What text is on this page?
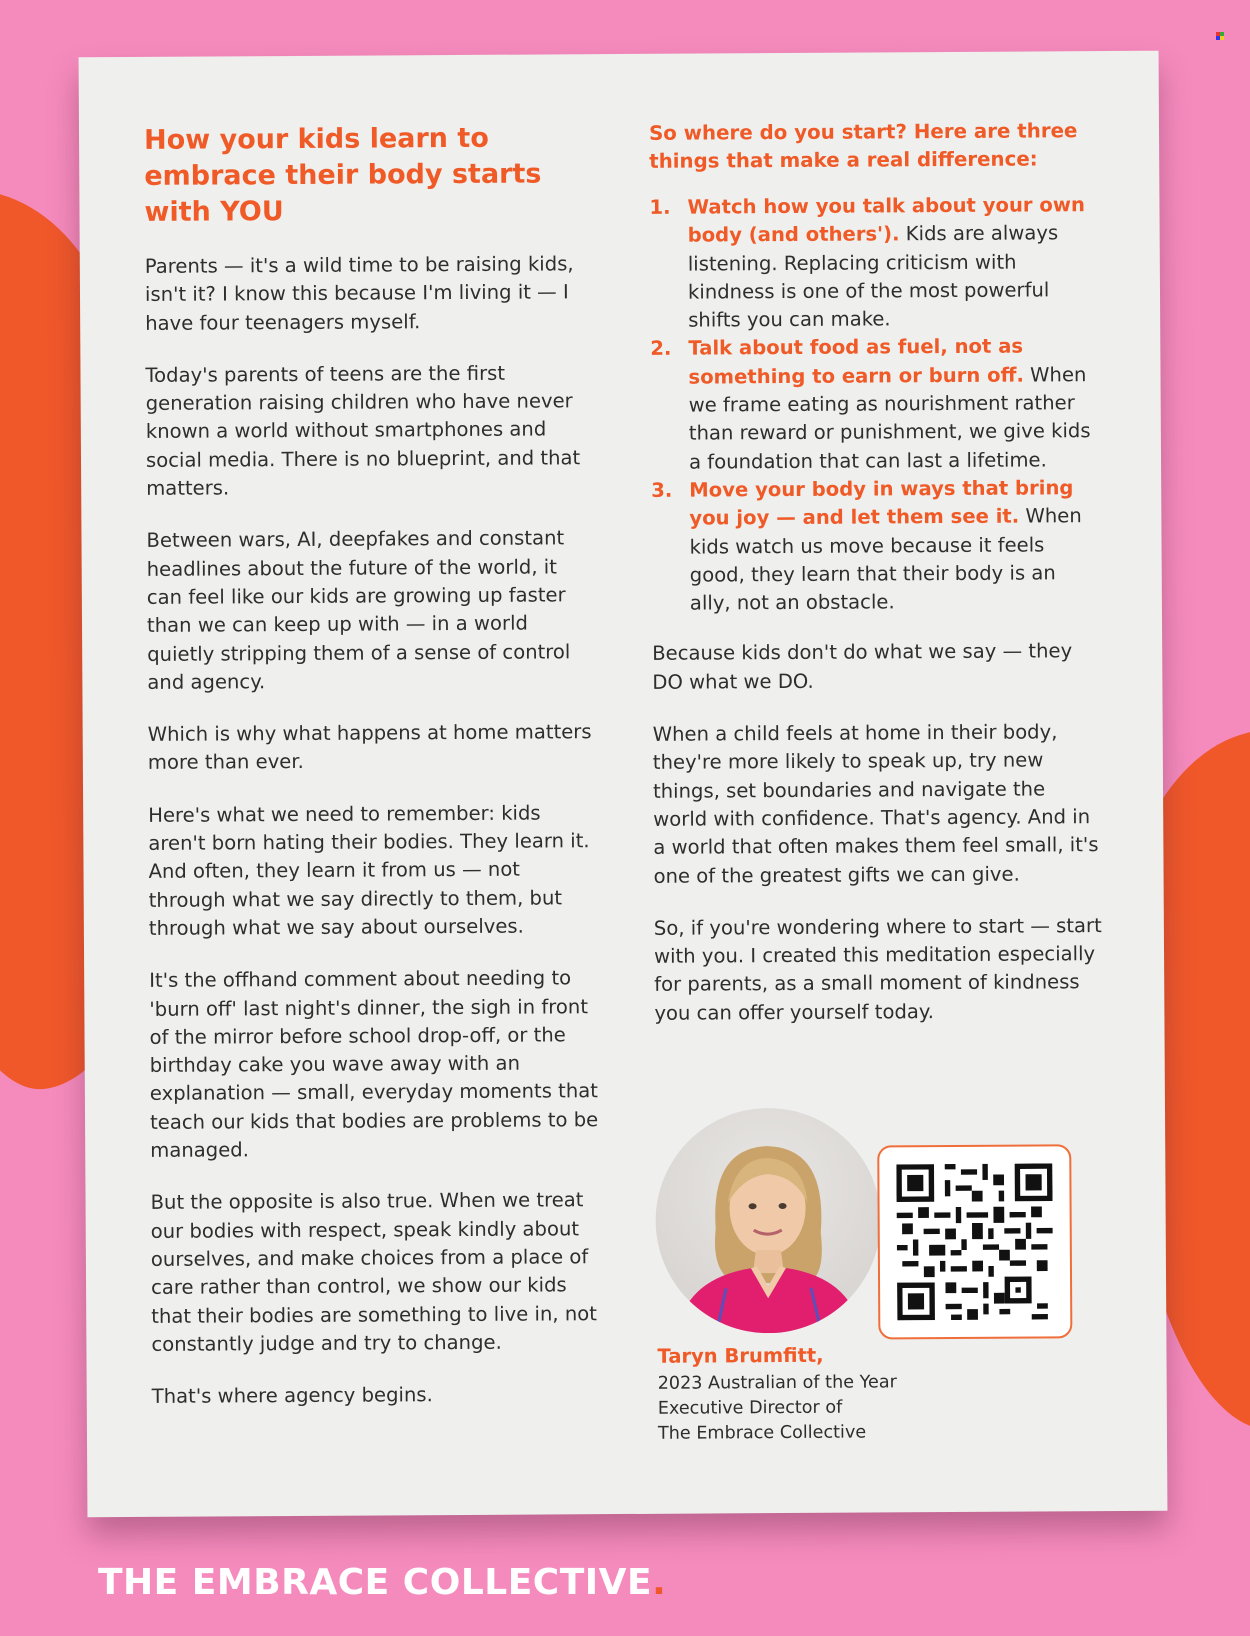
How your kids learn to embrace their body starts with YOU

Parents — it's a wild time to be raising kids, isn't it? I know this because I'm living it — I have four teenagers myself.

Today's parents of teens are the first generation raising children who have never known a world without smartphones and social media. There is no blueprint, and that matters.

Between wars, AI, deepfakes and constant headlines about the future of the world, it can feel like our kids are growing up faster than we can keep up with — in a world quietly stripping them of a sense of control and agency.

Which is why what happens at home matters more than ever.

Here's what we need to remember: kids aren't born hating their bodies. They learn it. And often, they learn it from us — not through what we say directly to them, but through what we say about ourselves.

It's the offhand comment about needing to 'burn off' last night's dinner, the sigh in front of the mirror before school drop-off, or the birthday cake you wave away with an explanation — small, everyday moments that teach our kids that bodies are problems to be managed.

But the opposite is also true. When we treat our bodies with respect, speak kindly about ourselves, and make choices from a place of care rather than control, we show our kids that their bodies are something to live in, not constantly judge and try to change.

That's where agency begins.

So where do you start? Here are three things that make a real difference:
1. Watch how you talk about your own body (and others'). Kids are always listening. Replacing criticism with kindness is one of the most powerful shifts you can make.
2. Talk about food as fuel, not as something to earn or burn off. When we frame eating as nourishment rather than reward or punishment, we give kids a foundation that can last a lifetime.
3. Move your body in ways that bring you joy — and let them see it. When kids watch us move because it feels good, they learn that their body is an ally, not an obstacle.

Because kids don't do what we say — they DO what we DO.

When a child feels at home in their body, they're more likely to speak up, try new things, set boundaries and navigate the world with confidence. That's agency. And in a world that often makes them feel small, it's one of the greatest gifts we can give.

So, if you're wondering where to start — start with you. I created this meditation especially for parents, as a small moment of kindness you can offer yourself today.

Taryn Brumfitt,
2023 Australian of the Year
Executive Director of
The Embrace Collective
THE EMBRACE COLLECTIVE.
